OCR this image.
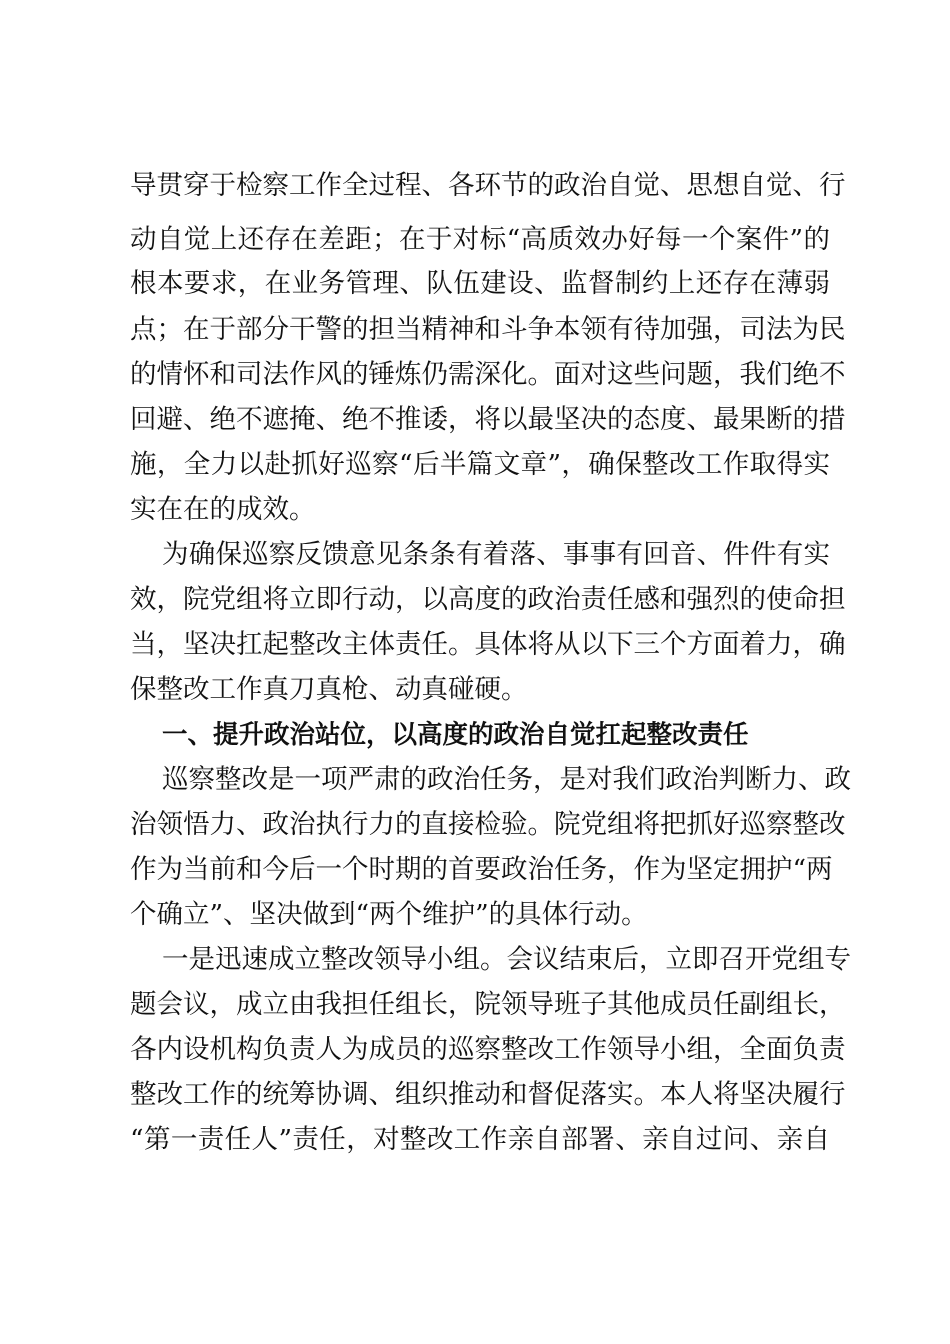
导贯穿于检察工作全过程、各环节的政治自觉、思想自觉、行
动自觉上还存在差距；在于对标“高质效办好每一个案件”的
根本要求，在业务管理、队伍建设、监督制约上还存在薄弱
点；在于部分干警的担当精神和斗争本领有待加强，司法为民
的情怀和司法作风的锤炼仍需深化。面对这些问题，我们绝不
回避、绝不遮掩、绝不推诿，将以最坚决的态度、最果断的措
施，全力以赴抓好巡察“后半篇文章”，确保整改工作取得实
实在在的成效。
为确保巡察反馈意见条条有着落、事事有回音、件件有实
效，院党组将立即行动，以高度的政治责任感和强烈的使命担
当，坚决扛起整改主体责任。具体将从以下三个方面着力，确
保整改工作真刀真枪、动真碰硬。
一、提升政治站位，以高度的政治自觉扛起整改责任
巡察整改是一项严肃的政治任务，是对我们政治判断力、政
治领悟力、政治执行力的直接检验。院党组将把抓好巡察整改
作为当前和今后一个时期的首要政治任务，作为坚定拥护“两
个确立”、坚决做到“两个维护”的具体行动。
一是迅速成立整改领导小组。会议结束后，立即召开党组专
题会议，成立由我担任组长，院领导班子其他成员任副组长，
各内设机构负责人为成员的巡察整改工作领导小组，全面负责
整改工作的统筹协调、组织推动和督促落实。本人将坚决履行
“第一责任人”责任，对整改工作亲自部署、亲自过问、亲自
